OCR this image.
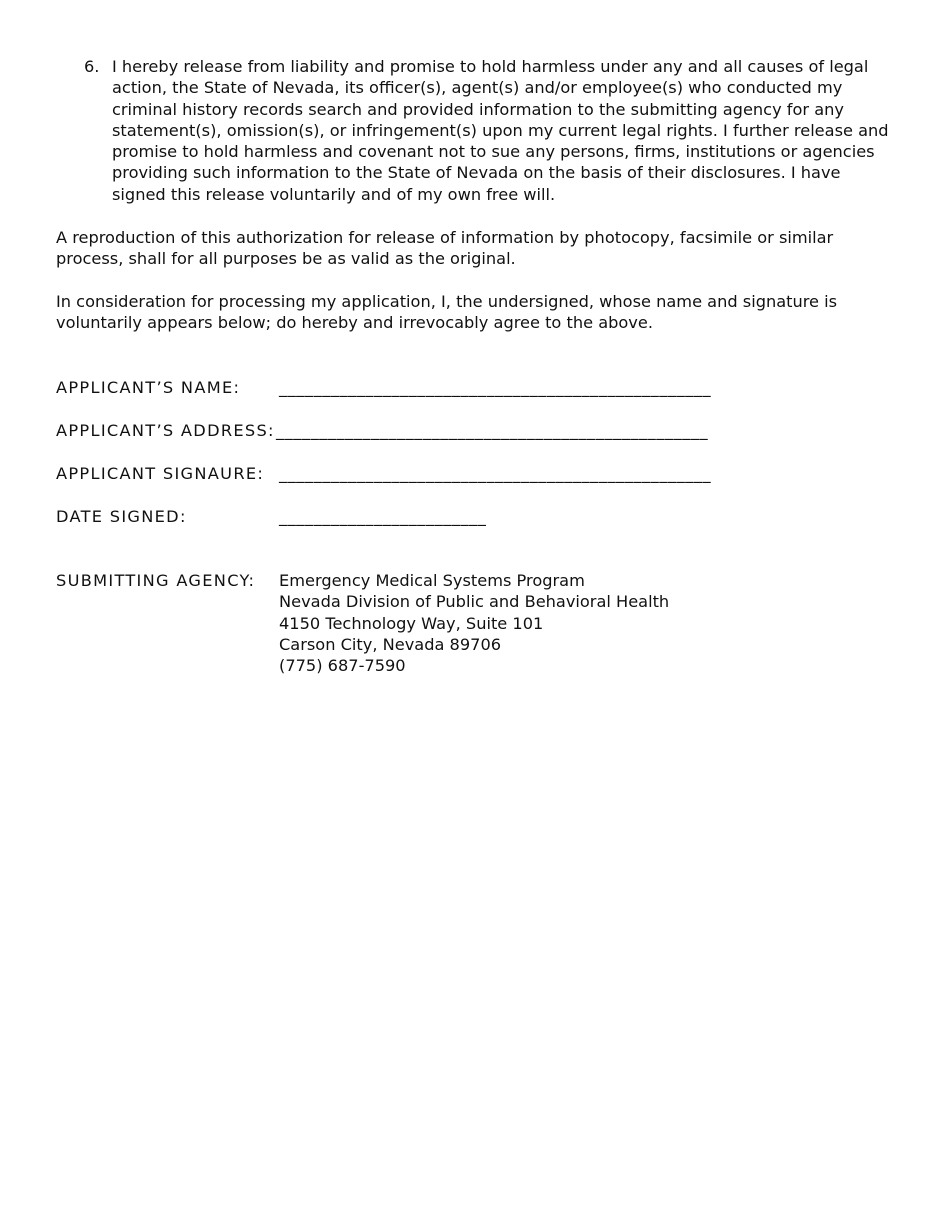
6. I hereby release from liability and promise to hold harmless under any and all causes of legal action, the State of Nevada, its officer(s), agent(s) and/or employee(s) who conducted my criminal history records search and provided information to the submitting agency for any statement(s), omission(s), or infringement(s) upon my current legal rights. I further release and promise to hold harmless and covenant not to sue any persons, firms, institutions or agencies providing such information to the State of Nevada on the basis of their disclosures. I have signed this release voluntarily and of my own free will.
A reproduction of this authorization for release of information by photocopy, facsimile or similar process, shall for all purposes be as valid as the original.
In consideration for processing my application, I, the undersigned, whose name and signature is voluntarily appears below; do hereby and irrevocably agree to the above.
APPLICANT’S NAME: __________________________________________________
APPLICANT’S ADDRESS: __________________________________________________
APPLICANT SIGNAURE: __________________________________________________
DATE SIGNED:	________________________
SUBMITTING AGENCY: Emergency Medical Systems Program
Nevada Division of Public and Behavioral Health
4150 Technology Way, Suite 101
Carson City, Nevada 89706
(775) 687-7590
